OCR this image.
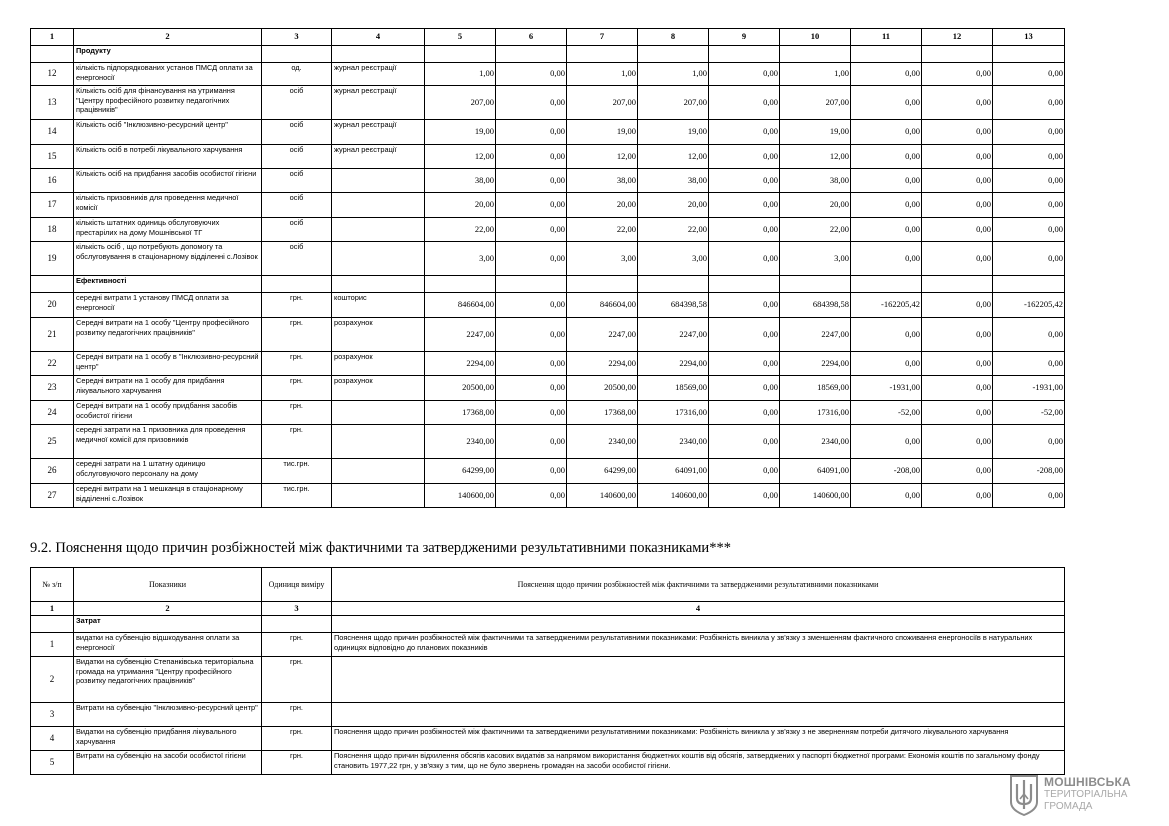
1	2	3	4	5	6	7	8	9	10	11	12	13
	Продукту											
12	кількість підпорядкованих установ ПМСД оплати за енергоносії	од.	журнал реєстрації	1,00	0,00	1,00	1,00	0,00	1,00	0,00	0,00	0,00
13	Кількість осіб для фінансування на утримання "Центру професійного розвитку педагогічних працівників"	осіб	журнал реєстрації	207,00	0,00	207,00	207,00	0,00	207,00	0,00	0,00	0,00
14	Кількість осіб "Інклюзивно-ресурсний центр"	осіб	журнал реєстрації	19,00	0,00	19,00	19,00	0,00	19,00	0,00	0,00	0,00
15	Кількість осіб в потребі лікувального харчування	осіб	журнал реєстрації	12,00	0,00	12,00	12,00	0,00	12,00	0,00	0,00	0,00
16	Кількість осіб на придбання засобів особистої гігієни	осіб		38,00	0,00	38,00	38,00	0,00	38,00	0,00	0,00	0,00
17	кількість призовників для проведення медичної комісії	осіб		20,00	0,00	20,00	20,00	0,00	20,00	0,00	0,00	0,00
18	кількість штатних одиниць обслуговуючих престарілих на дому Мошнівської ТГ	осіб		22,00	0,00	22,00	22,00	0,00	22,00	0,00	0,00	0,00
19	кількість осіб , що потребують допомогу та обслуговування в стаціонарному відділенні с.Лозівок	осіб		3,00	0,00	3,00	3,00	0,00	3,00	0,00	0,00	0,00
	Ефективності											
20	середні витрати 1 установу ПМСД оплати за енергоносії	грн.	кошторис	846604,00	0,00	846604,00	684398,58	0,00	684398,58	-162205,42	0,00	-162205,42
21	Середні витрати на 1 особу "Центру професійного розвитку педагогічних працівників"	грн.	розрахунок	2247,00	0,00	2247,00	2247,00	0,00	2247,00	0,00	0,00	0,00
22	Середні витрати на 1 особу в "Інклюзивно-ресурсний центр"	грн.	розрахунок	2294,00	0,00	2294,00	2294,00	0,00	2294,00	0,00	0,00	0,00
23	Середні витрати на 1 особу для придбання лікувального харчування	грн.	розрахунок	20500,00	0,00	20500,00	18569,00	0,00	18569,00	-1931,00	0,00	-1931,00
24	Середні витрати на 1 особу придбання засобів особистої гігієни	грн.		17368,00	0,00	17368,00	17316,00	0,00	17316,00	-52,00	0,00	-52,00
25	середні затрати на 1 призовника для проведення медичної комісії для призовників	грн.		2340,00	0,00	2340,00	2340,00	0,00	2340,00	0,00	0,00	0,00
26	середні затрати на 1 штатну одиницю обслуговуючого персоналу на дому	тис.грн.		64299,00	0,00	64299,00	64091,00	0,00	64091,00	-208,00	0,00	-208,00
27	середні витрати на 1 мешканця в стаціонарному відділенні с.Лозівок	тис.грн.		140600,00	0,00	140600,00	140600,00	0,00	140600,00	0,00	0,00	0,00
9.2. Пояснення щодо причин розбіжностей між фактичними та затвердженими результативними показниками***
№ з/п	Показники	Одиниця виміру	Пояснення щодо причин розбіжностей між фактичними та затвердженими результативними показниками
1	2	3	4
	Затрат		
1	видатки на субвенцію відшкодування оплати за енергоносії	грн.	Пояснення щодо причин розбіжностей між фактичними та затвердженими результативними показниками: Розбіжність виникла у зв'язку з зменшенням фактичного споживання енергоносіїв в натуральних одиницях відповідно до планових показників
2	Видатки на субвенцію Степанківська територіальна громада на утримання "Центру професійного розвитку педагогічних працівників"	грн.	
3	Витрати на субвенцію "Інклюзивно-ресурсний центр"	грн.	
4	Видатки на субвенцію придбання лікувального харчування	грн.	Пояснення щодо причин розбіжностей між фактичними та затвердженими результативними показниками: Розбіжність виникла у зв'язку з не зверненням потреби дитячого лікувального харчування
5	Витрати на субвенцію на засоби особистої гігієни	грн.	Пояснення щодо причин відхилення обсягів касових видатків за напрямом використання бюджетних коштів від обсягів, затверджених у паспорті бюджетної програми: Економія коштів по загальному фонду становить 1977,22 грн, у зв'язку з тим, що не було звернень громадян на засоби особистої гігієни.
МОШНІВСЬКА
ТЕРИТОРІАЛЬНА
ГРОМАДА
